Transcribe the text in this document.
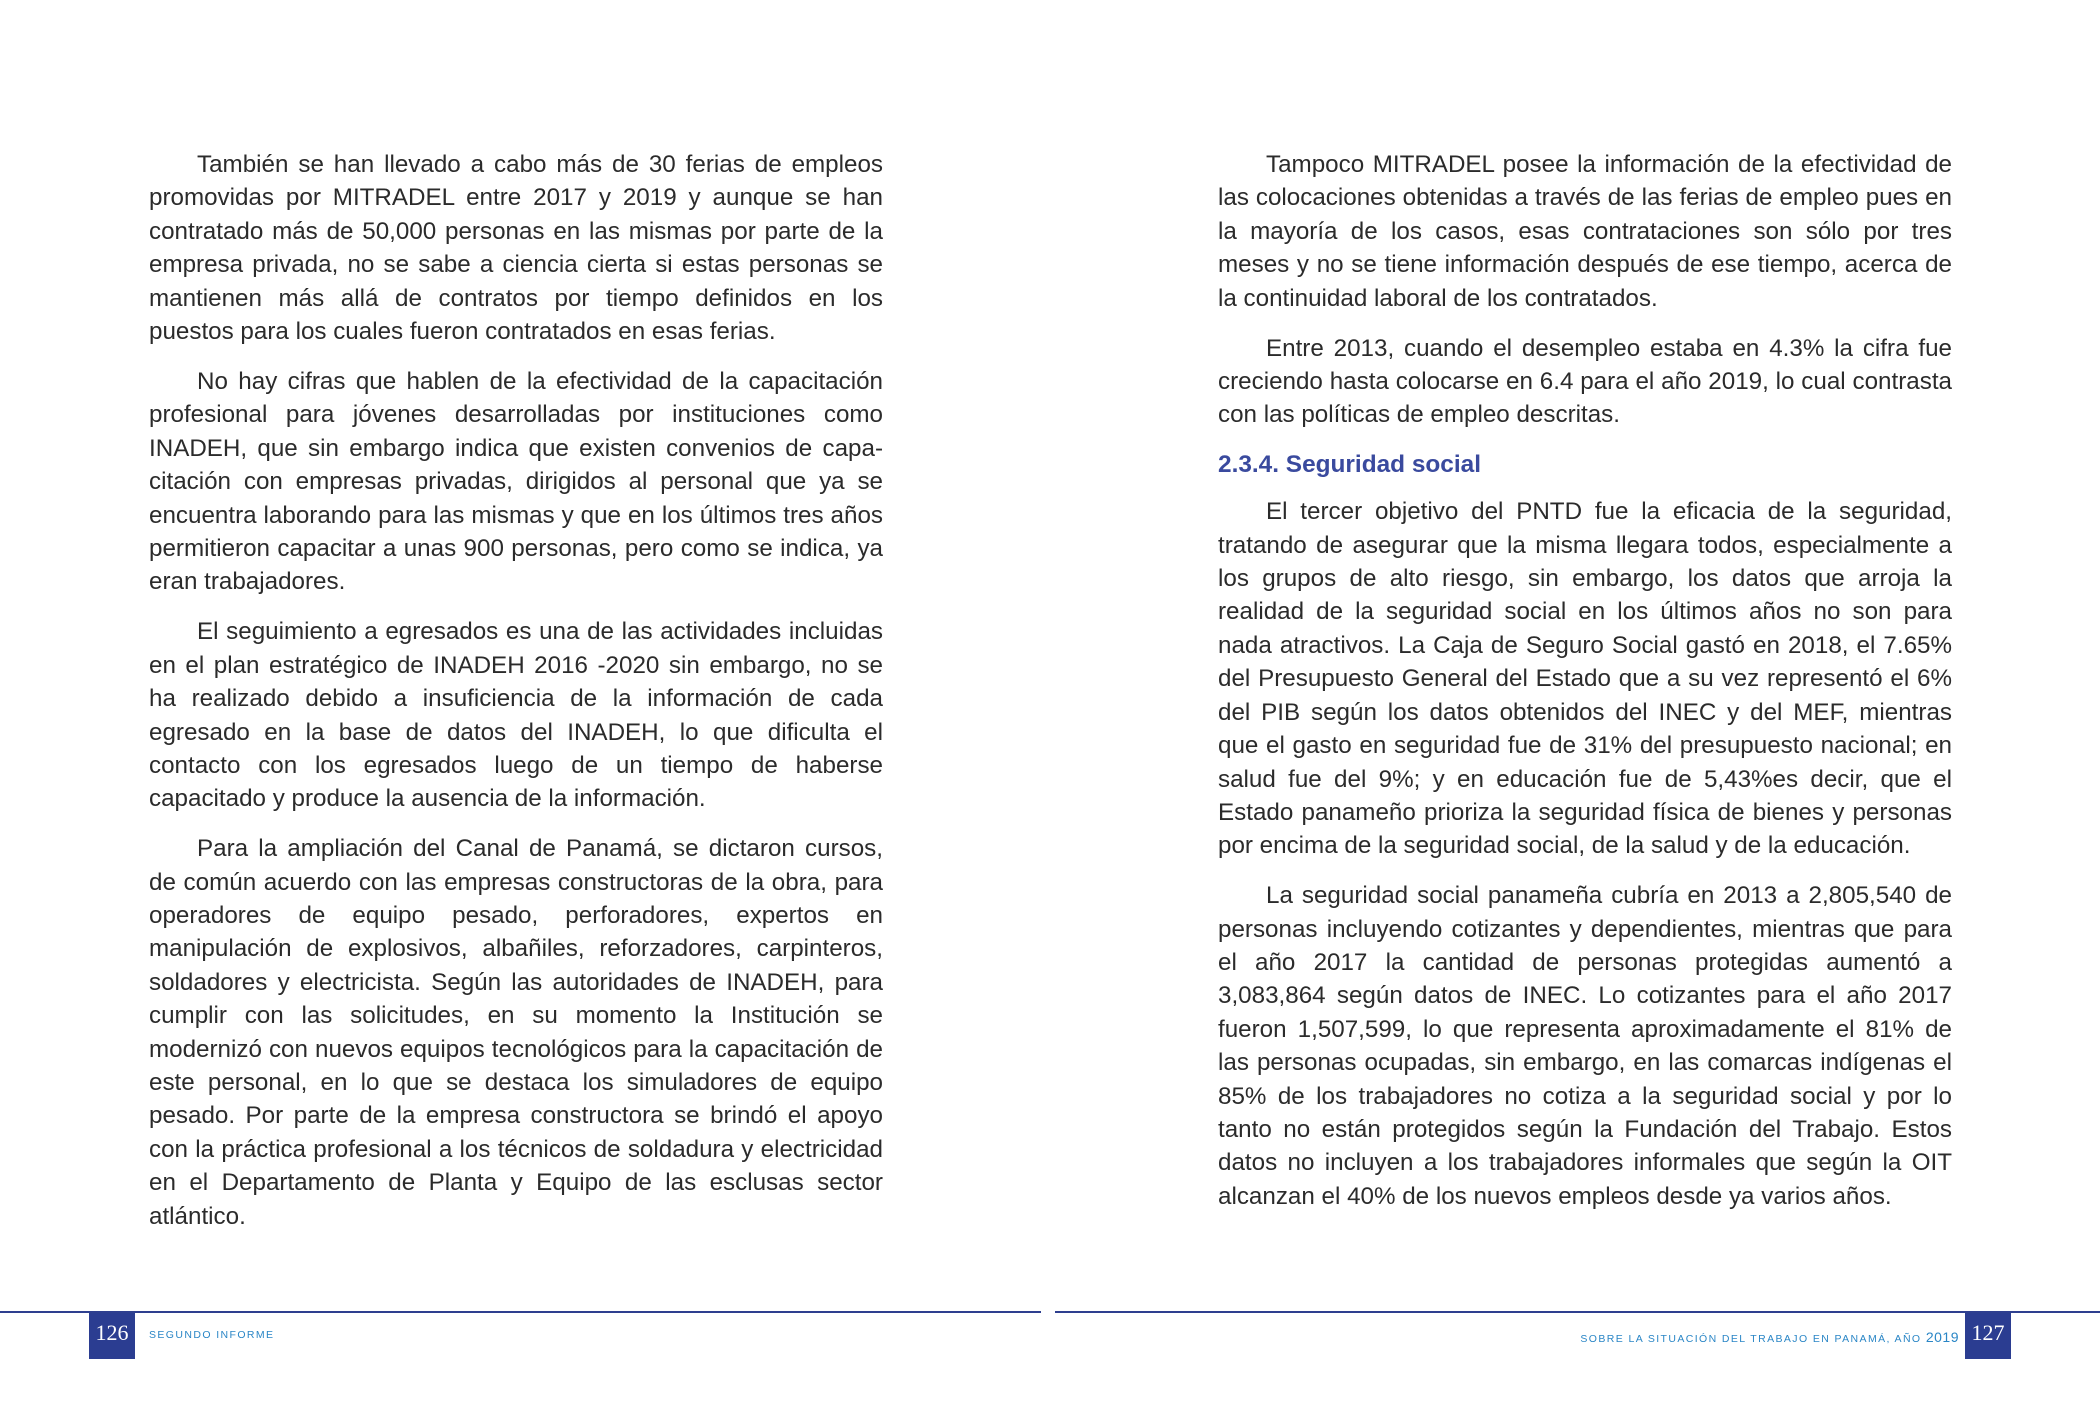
También se han llevado a cabo más de 30 ferias de empleos promovidas por MITRADEL entre 2017 y 2019 y aunque se han contratado más de 50,000 personas en las mismas por parte de la empresa privada, no se sabe a ciencia cierta si estas personas se mantienen más allá de contratos por tiempo definidos en los puestos para los cuales fueron contratados en esas ferias.

No hay cifras que hablen de la efectividad de la capacitación profesional para jóvenes desarrolladas por instituciones como INADEH, que sin embargo indica que existen convenios de capacitación con empresas privadas, dirigidos al personal que ya se encuentra laborando para las mismas y que en los últimos tres años permitieron capacitar a unas 900 personas, pero como se indica, ya eran trabajadores.

El seguimiento a egresados es una de las actividades incluidas en el plan estratégico de INADEH 2016 -2020 sin embargo, no se ha realizado debido a insuficiencia de la información de cada egresado en la base de datos del INADEH, lo que dificulta el contacto con los egresados luego de un tiempo de haberse capacitado y produce la ausencia de la información.

Para la ampliación del Canal de Panamá, se dictaron cursos, de común acuerdo con las empresas constructoras de la obra, para operadores de equipo pesado, perforadores, expertos en manipulación de explosivos, albañiles, reforzadores, carpinteros, soldadores y electricista. Según las autoridades de INADEH, para cumplir con las solicitudes, en su momento la Institución se modernizó con nuevos equipos tecnológicos para la capacitación de este personal, en lo que se destaca los simuladores de equipo pesado. Por parte de la empresa constructora se brindó el apoyo con la práctica profesional a los técnicos de soldadura y electricidad en el Departamento de Planta y Equipo de las esclusas sector atlántico.

126	SEGUNDO INFORME

Tampoco MITRADEL posee la información de la efectividad de las colocaciones obtenidas a través de las ferias de empleo pues en la mayoría de los casos, esas contrataciones son sólo por tres meses y no se tiene información después de ese tiempo, acerca de la continuidad laboral de los contratados.

Entre 2013, cuando el desempleo estaba en 4.3% la cifra fue creciendo hasta colocarse en 6.4 para el año 2019, lo cual contrasta con las políticas de empleo descritas.

2.3.4. Seguridad social

El tercer objetivo del PNTD fue la eficacia de la seguridad, tratando de asegurar que la misma llegara todos, especialmente a los grupos de alto riesgo, sin embargo, los datos que arroja la realidad de la seguridad social en los últimos años no son para nada atractivos. La Caja de Seguro Social gastó en 2018, el 7.65% del Presupuesto General del Estado que a su vez representó el 6% del PIB según los datos obtenidos del INEC y del MEF, mientras que el gasto en seguridad fue de 31% del presupuesto nacional; en salud fue del 9%; y en educación fue de 5,43%es decir, que el Estado panameño prioriza la seguridad física de bienes y personas por encima de la seguridad social, de la salud y de la educación.

La seguridad social panameña cubría en 2013 a 2,805,540 de personas incluyendo cotizantes y dependientes, mientras que para el año 2017 la cantidad de personas protegidas aumentó a 3,083,864 según datos de INEC. Lo cotizantes para el año 2017 fueron 1,507,599, lo que representa aproximadamente el 81% de las personas ocupadas, sin embargo, en las comarcas indígenas el 85% de los trabajadores no cotiza a la seguridad social y por lo tanto no están protegidos según la Fundación del Trabajo. Estos datos no incluyen a los trabajadores informales que según la OIT alcanzan el 40% de los nuevos empleos desde ya varios años.

SOBRE LA SITUACIÓN DEL TRABAJO EN PANAMÁ, AÑO 2019 127
